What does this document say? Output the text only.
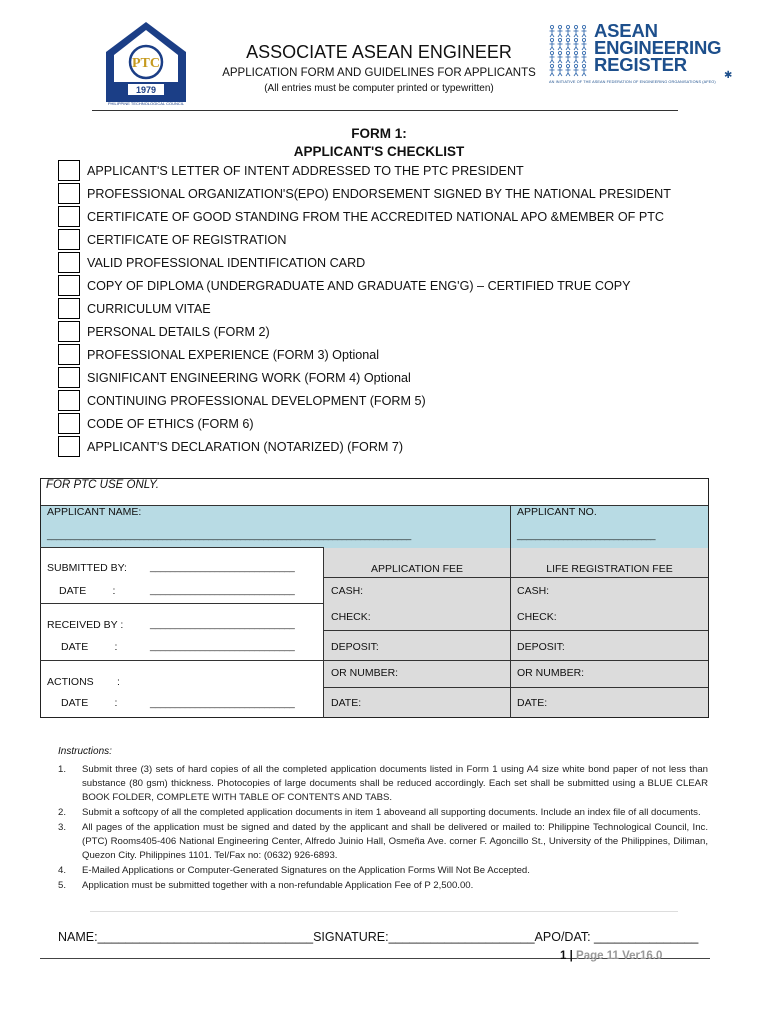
PTC
1979
PHILIPPINE TECHNOLOGICAL COUNCIL
ASSOCIATE ASEAN ENGINEER
APPLICATION FORM AND GUIDELINES FOR APPLICANTS
(All entries must be computer printed or typewritten)
ASEAN
ENGINEERING
REGISTER
✱
AN INITIATIVE OF THE ASEAN FEDERATION OF ENGINEERING ORGANISATIONS (AFEO)
FORM 1:
APPLICANT'S CHECKLIST
APPLICANT'S LETTER OF INTENT ADDRESSED TO THE PTC PRESIDENT
PROFESSIONAL ORGANIZATION'S(EPO) ENDORSEMENT SIGNED BY THE NATIONAL PRESIDENT
CERTIFICATE OF GOOD STANDING FROM THE ACCREDITED NATIONAL APO &MEMBER OF PTC
CERTIFICATE OF REGISTRATION
VALID PROFESSIONAL IDENTIFICATION CARD
COPY OF DIPLOMA (UNDERGRADUATE AND GRADUATE ENG'G) – CERTIFIED TRUE COPY
CURRICULUM VITAE
PERSONAL DETAILS (FORM 2)
PROFESSIONAL EXPERIENCE (FORM 3) Optional
SIGNIFICANT ENGINEERING WORK (FORM 4) Optional
CONTINUING PROFESSIONAL DEVELOPMENT (FORM 5)
CODE OF ETHICS (FORM 6)
APPLICANT'S DECLARATION (NOTARIZED) (FORM 7)
FOR PTC USE ONLY.
APPLICANT NAME:
_______________________________________________________________________________
APPLICANT NO.
______________________________
SUBMITTED BY: _____________________________
DATE         :	_____________________________
RECEIVED BY :	_____________________________
DATE         :	_____________________________
ACTIONS        :
DATE         :	_____________________________
APPLICATION FEE	LIFE REGISTRATION FEE
CASH:	CASH:
CHECK:	CHECK:
DEPOSIT:	DEPOSIT:
OR NUMBER:	OR NUMBER:
DATE:	DATE:
Instructions:
1.	Submit three (3) sets of hard copies of all the completed application documents listed in Form 1 using A4 size white bond paper of not less than substance (80 gsm) thickness. Photocopies of large documents shall be reduced accordingly. Each set shall be submitted using a BLUE CLEAR BOOK FOLDER, COMPLETE WITH TABLE OF CONTENTS AND TABS.
2.	Submit a softcopy of all the completed application documents in item 1 aboveand all supporting documents. Include an index file of all documents.
3.	All pages of the application must be signed and dated by the applicant and shall be delivered or mailed to: Philippine Technological Council, Inc. (PTC) Rooms405-406 National Engineering Center, Alfredo Juinio Hall, Osmeña Ave. corner F. Agoncillo St., University of the Philippines, Diliman, Quezon City. Philippines 1101. Tel/Fax no: (0632) 926-6893.
4.	E-Mailed Applications or Computer-Generated Signatures on the Application Forms Will Not Be Accepted.
5.	Application must be submitted together with a non-refundable Application Fee of P 2,500.00.
NAME:_______________________________SIGNATURE:_____________________APO/DAT: _______________
1 | Page 11 Ver16.0
